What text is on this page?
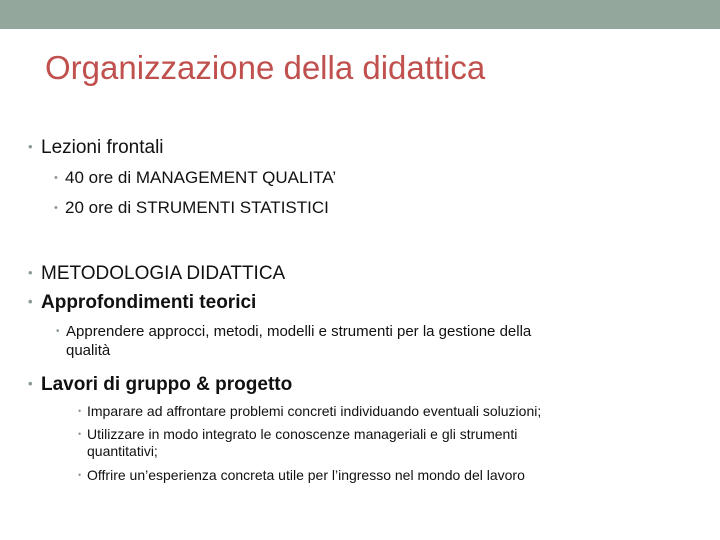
Organizzazione della didattica
• Lezioni frontali
• 40 ore di MANAGEMENT QUALITA’
• 20 ore di STRUMENTI STATISTICI
• METODOLOGIA DIDATTICA
• Approfondimenti teorici
• Apprendere approcci, metodi, modelli e strumenti per la gestione della
qualità
• Lavori di gruppo & progetto
• Imparare ad affrontare problemi concreti individuando eventuali soluzioni;
• Utilizzare in modo integrato le conoscenze manageriali e gli strumenti
quantitativi;
• Offrire un’esperienza concreta utile per l’ingresso nel mondo del lavoro
